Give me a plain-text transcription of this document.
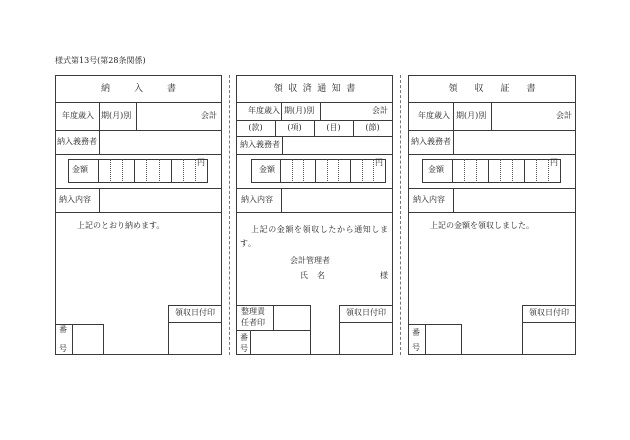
様式第13号(第28条関係)
納入書
年度歳入 期(月)別	会計
納入義務者
金額
円
納入内容
上記のとおり納めます。
領収日付印
番号
領収済通知書
年度歳入 期(月)別	会計
(款)	(項)	(目)	(節)
納入義務者
金額
円
納入内容
上記の金額を領収したから通知します。
会計管理者
氏名	様
整理責任者印
番号
領収日付印
領収証書
年度歳入 期(月)別	会計
納入義務者
金額
円
納入内容
上記の金額を領収しました。
領収日付印
番号
